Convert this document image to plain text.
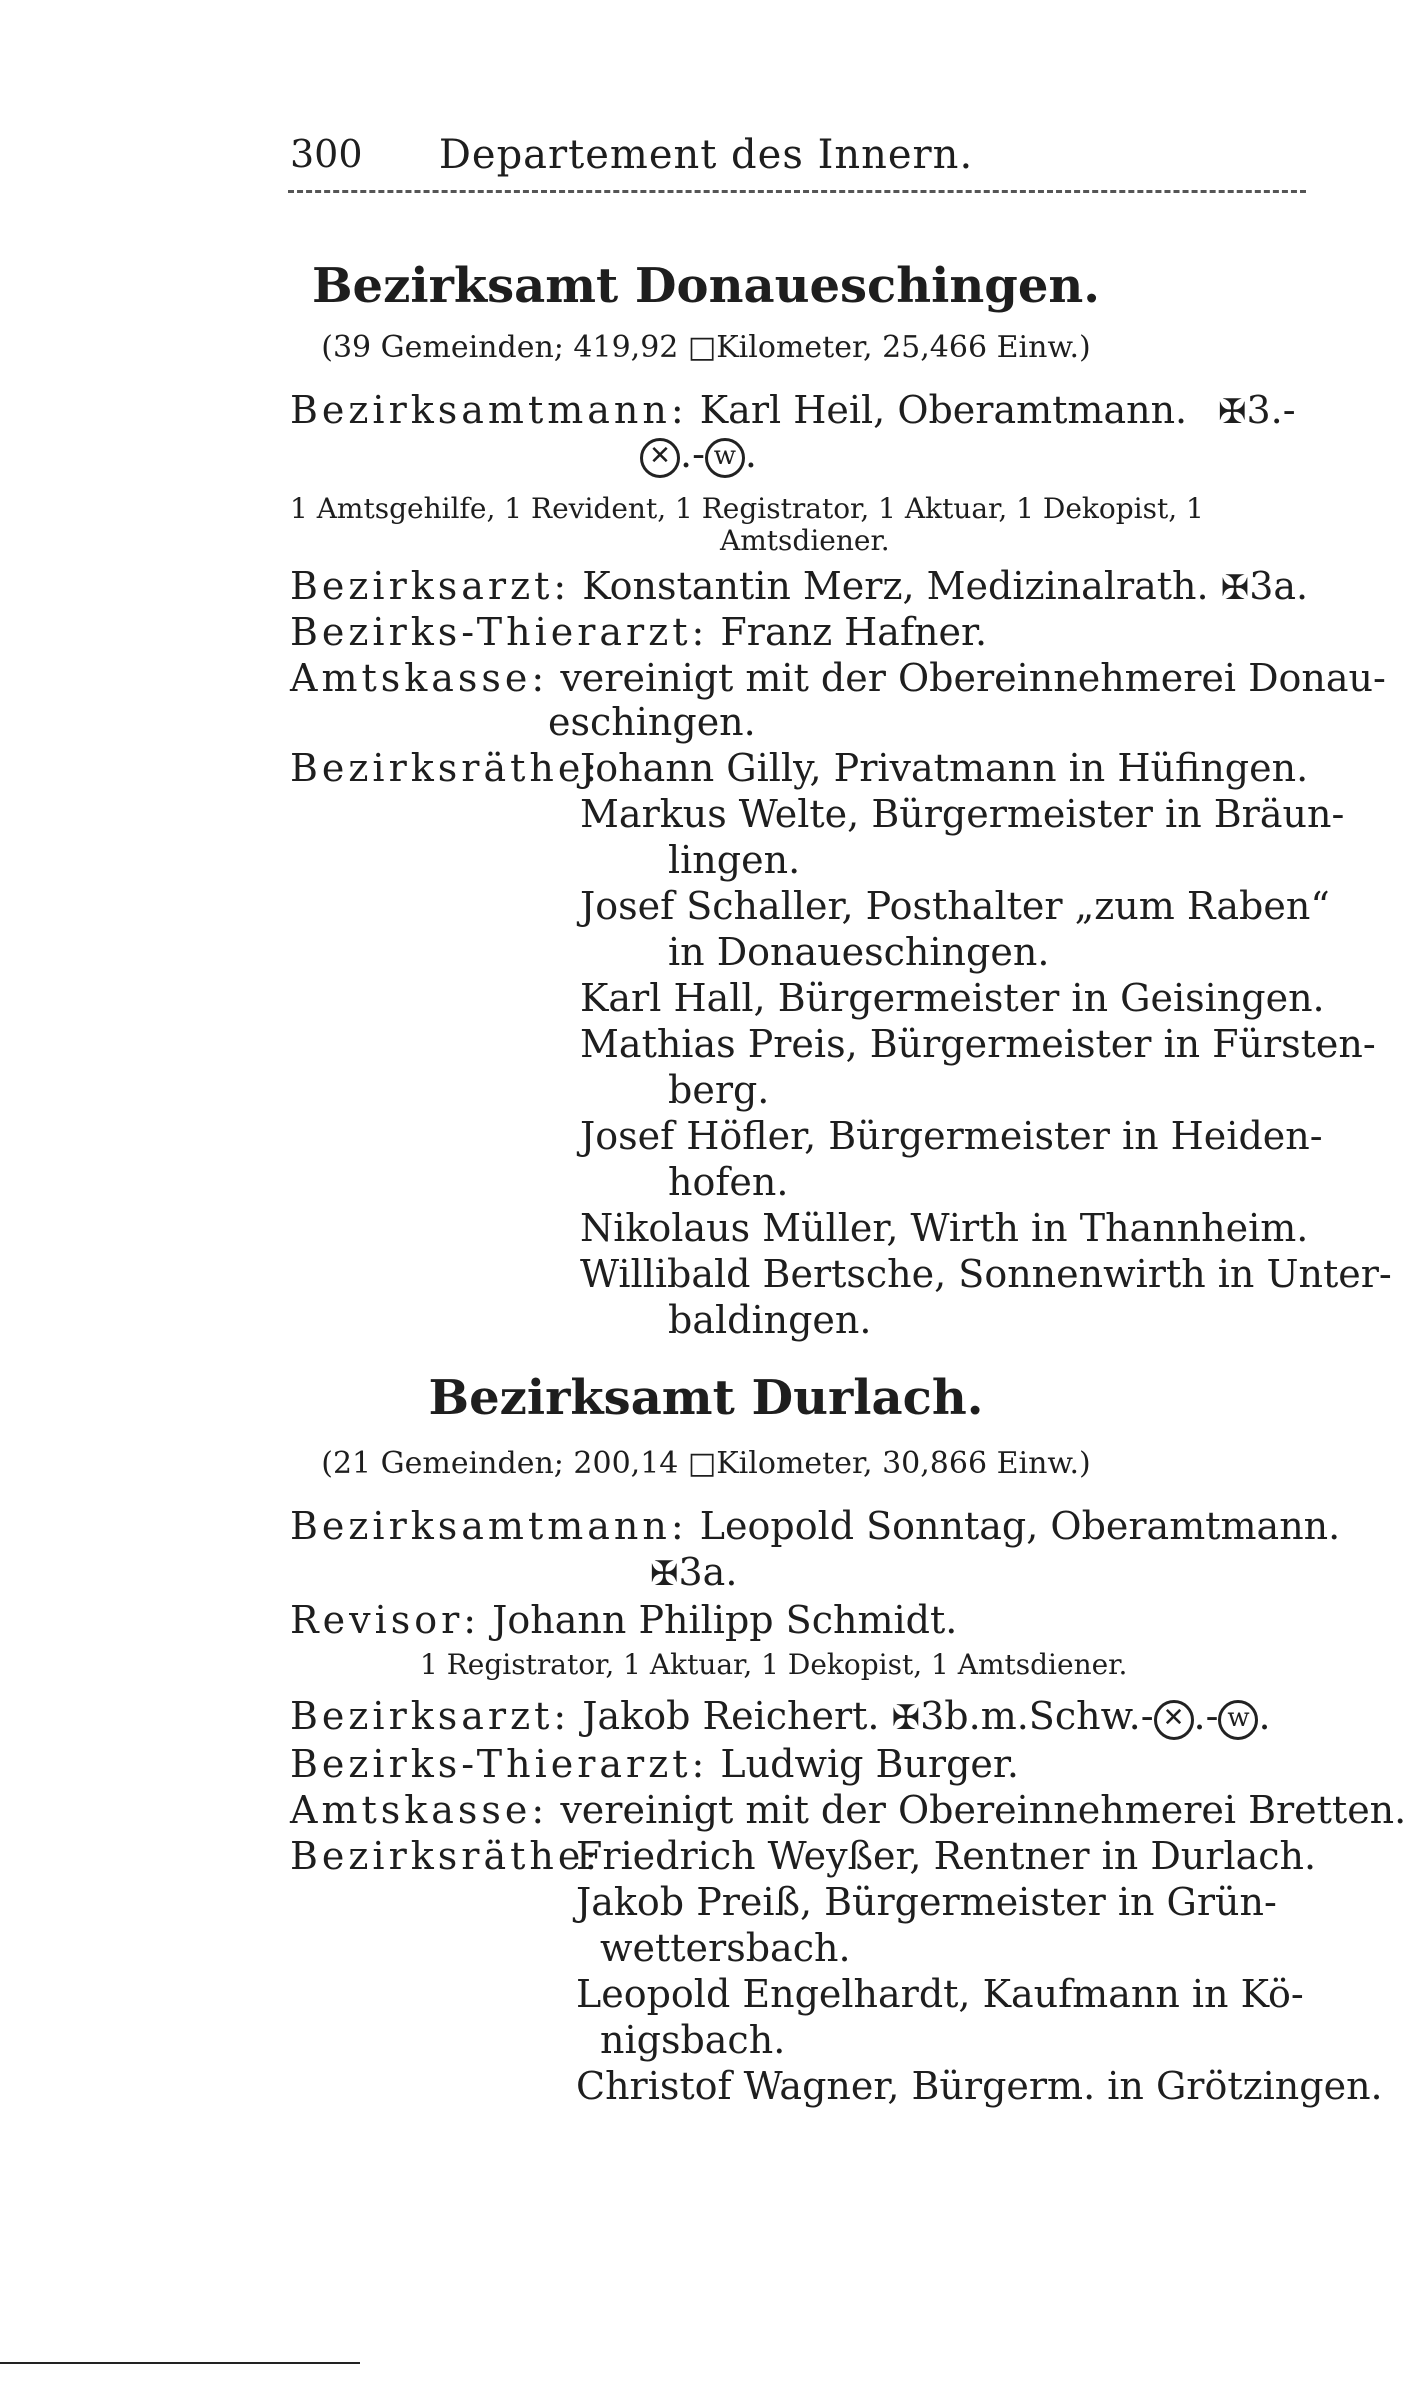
300	Departement des Innern.
Bezirksamt Donaueschingen.
(39 Gemeinden; 419,92 □Kilometer, 25,466 Einw.)
Bezirksamtmann: Karl Heil, Oberamtmann. ✠3.-
✕ .- w .
1 Amtsgehilfe, 1 Revident, 1 Registrator, 1 Aktuar, 1 Dekopist, 1
Amtsdiener.
Bezirksarzt: Konstantin Merz, Medizinalrath. ✠3a.
Bezirks-Thierarzt: Franz Hafner.
Amtskasse: vereinigt mit der Obereinnehmerei Donau-
eschingen.
Bezirksräthe:
Johann Gilly, Privatmann in Hüfingen.
Markus Welte, Bürgermeister in Bräun-
lingen.
Josef Schaller, Posthalter „zum Raben“
in Donaueschingen.
Karl Hall, Bürgermeister in Geisingen.
Mathias Preis, Bürgermeister in Fürsten-
berg.
Josef Höfler, Bürgermeister in Heiden-
hofen.
Nikolaus Müller, Wirth in Thannheim.
Willibald Bertsche, Sonnenwirth in Unter-
baldingen.
Bezirksamt Durlach.
(21 Gemeinden; 200,14 □Kilometer, 30,866 Einw.)
Bezirksamtmann: Leopold Sonntag, Oberamtmann.
✠3a.
Revisor: Johann Philipp Schmidt.
1 Registrator, 1 Aktuar, 1 Dekopist, 1 Amtsdiener.
Bezirksarzt: Jakob Reichert. ✠3b.m.Schw.- ✕ .- w .
Bezirks-Thierarzt: Ludwig Burger.
Amtskasse: vereinigt mit der Obereinnehmerei Bretten.
Bezirksräthe:
Friedrich Weyßer, Rentner in Durlach.
Jakob Preiß, Bürgermeister in Grün-
wettersbach.
Leopold Engelhardt, Kaufmann in Kö-
nigsbach.
Christof Wagner, Bürgerm. in Grötzingen.
